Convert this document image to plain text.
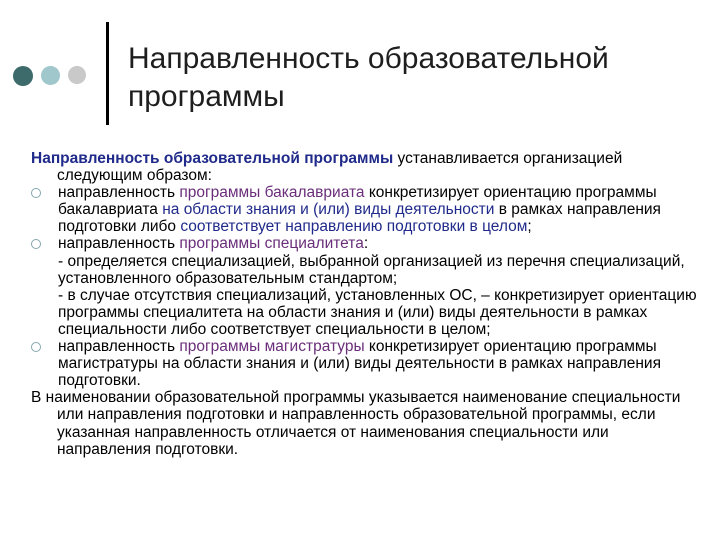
Направленность образовательной программы

Направленность образовательной программы устанавливается организацией следующим образом:

направленность программы бакалавриата конкретизирует ориентацию программы бакалавриата на области знания и (или) виды деятельности в рамках направления подготовки либо соответствует направлению подготовки в целом;
направленность программы специалитета:

- определяется специализацией, выбранной организацией из перечня специализаций, установленного образовательным стандартом;

- в случае отсутствия специализаций, установленных ОС, – конкретизирует ориентацию программы специалитета на области знания и (или) виды деятельности в рамках специальности либо соответствует специальности в целом;

направленность программы магистратуры конкретизирует ориентацию программы магистратуры на области знания и (или) виды деятельности в рамках направления подготовки.

В наименовании образовательной программы указывается наименование специальности или направления подготовки и направленность образовательной программы, если указанная направленность отличается от наименования специальности или направления подготовки.
